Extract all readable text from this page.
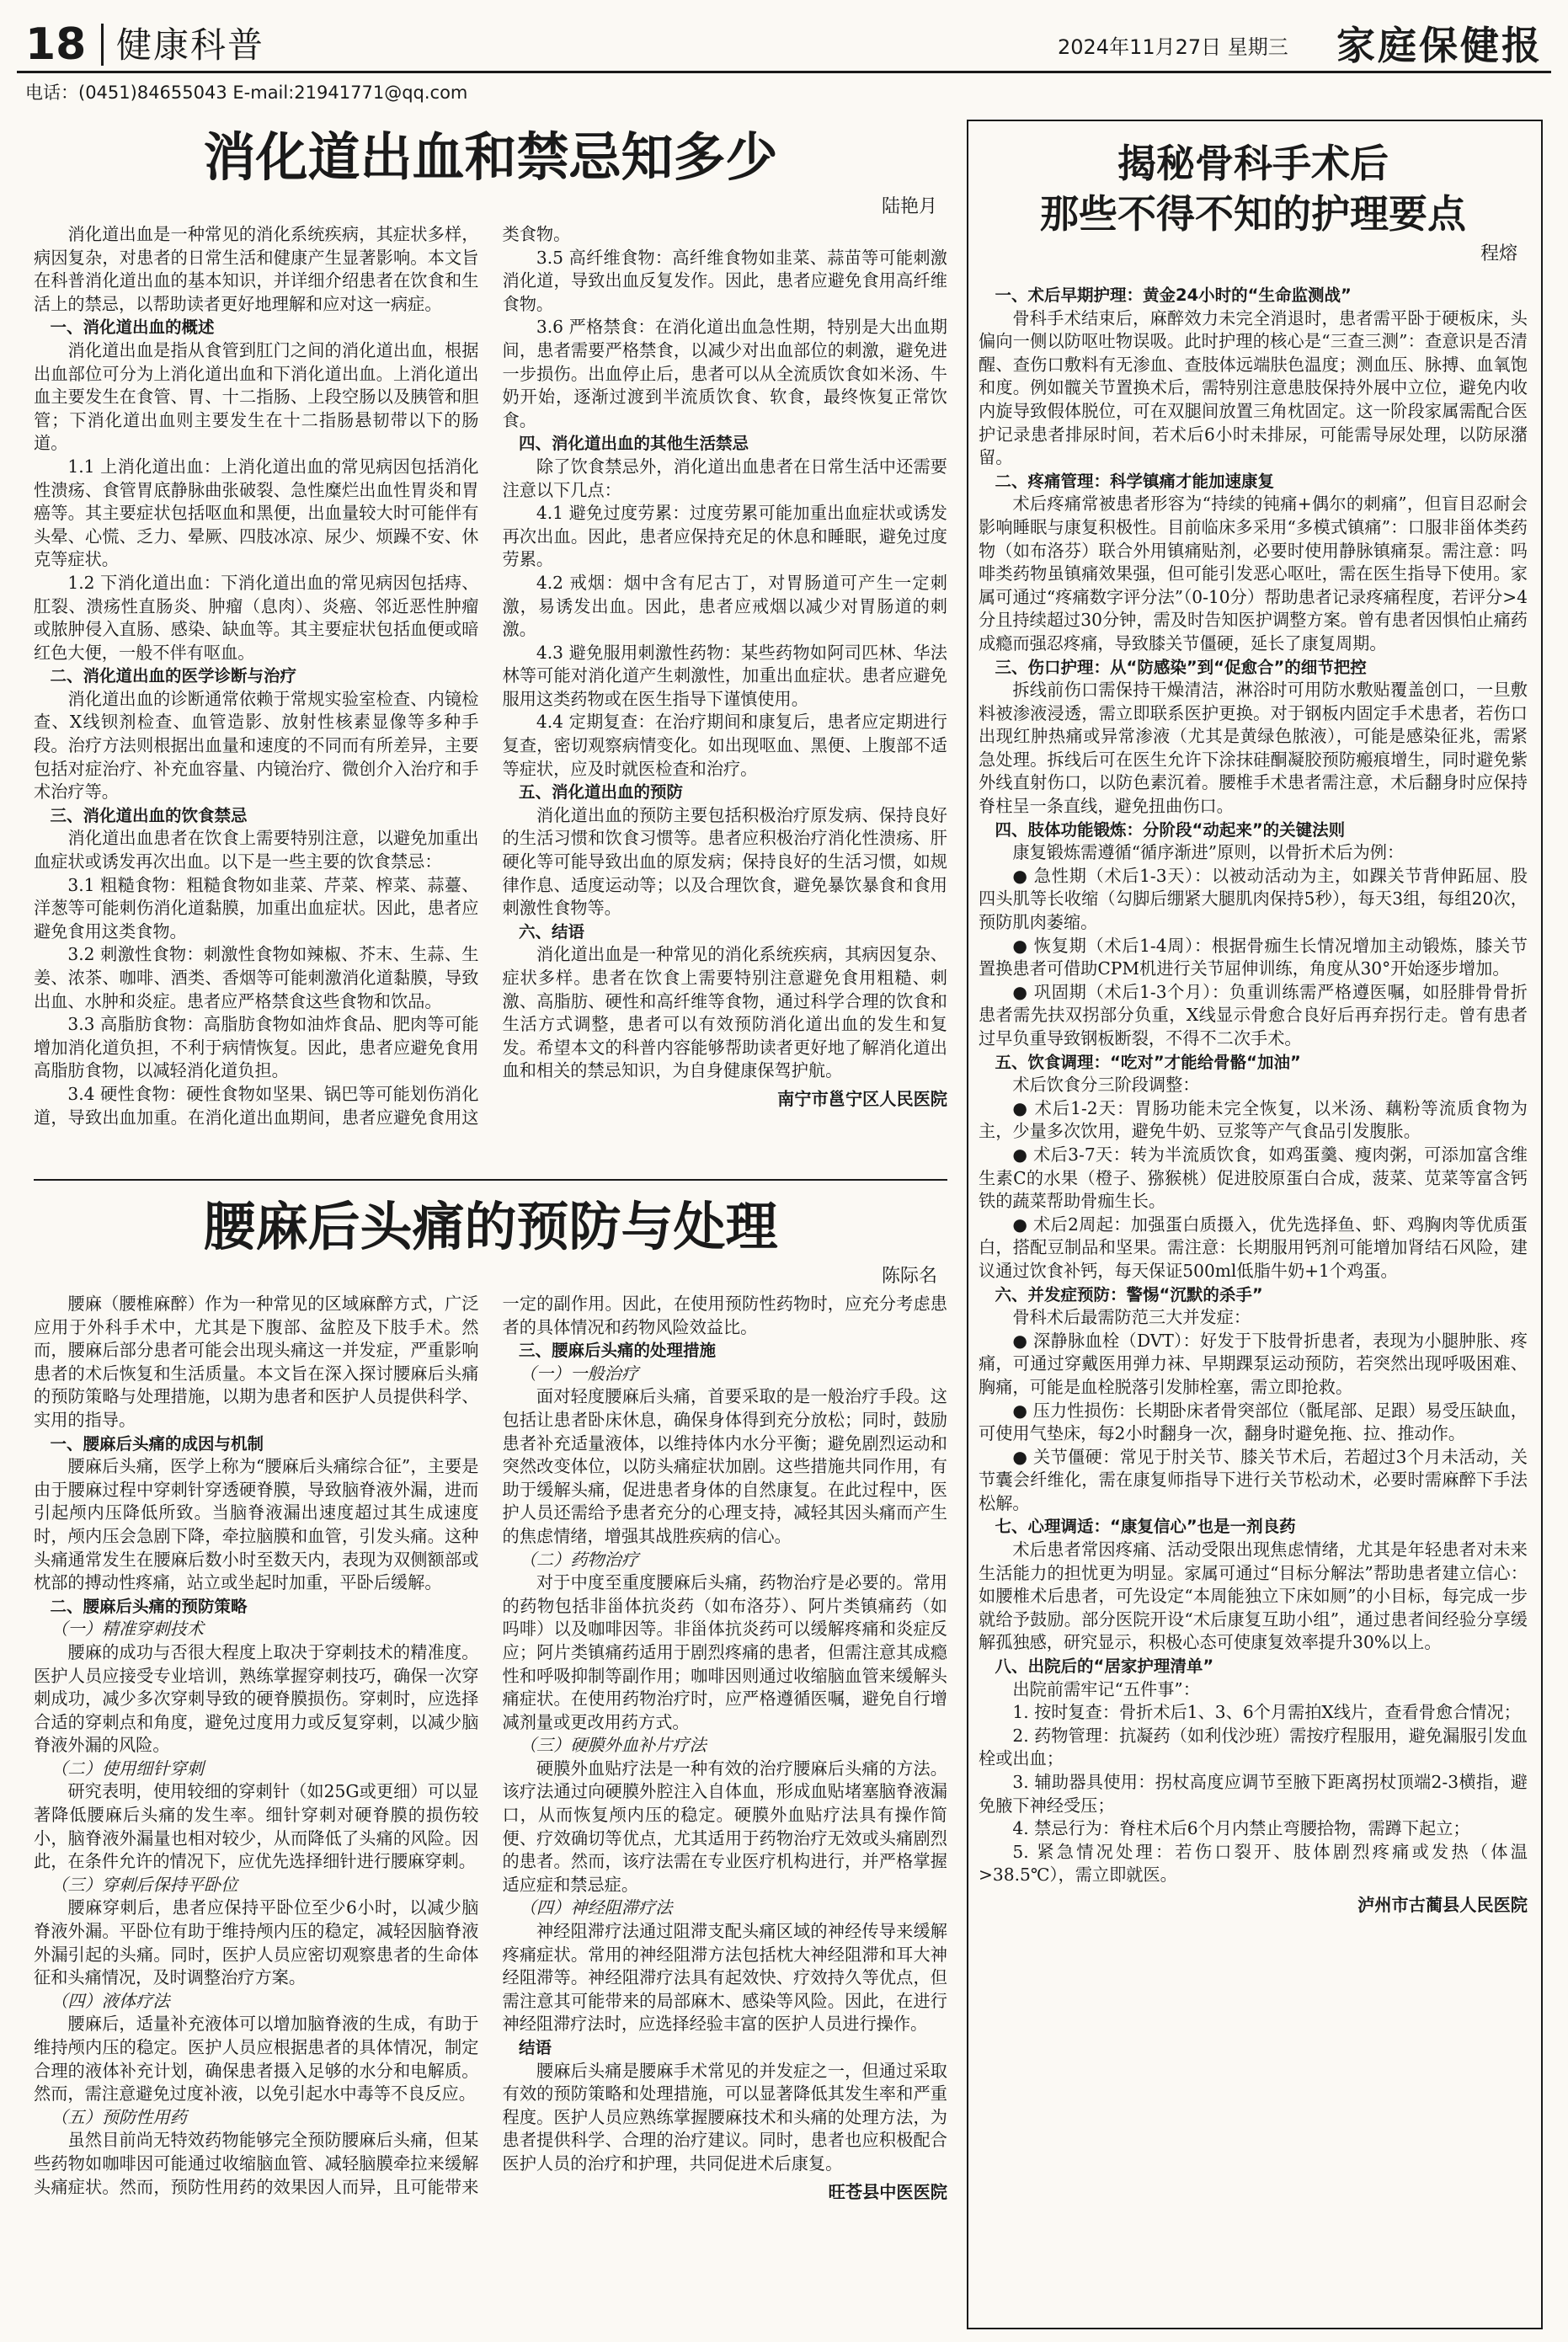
18 健康科普	2024年11月27日 星期三 家庭保健报
电话：(0451)84655043 E-mail:21941771@qq.com
消化道出血和禁忌知多少
陆艳月

消化道出血是一种常见的消化系统疾病，其症状多样，病因复杂，对患者的日常生活和健康产生显著影响。本文旨在科普消化道出血的基本知识，并详细介绍患者在饮食和生活上的禁忌，以帮助读者更好地理解和应对这一病症。

一、消化道出血的概述

消化道出血是指从食管到肛门之间的消化道出血，根据出血部位可分为上消化道出血和下消化道出血。上消化道出血主要发生在食管、胃、十二指肠、上段空肠以及胰管和胆管；下消化道出血则主要发生在十二指肠悬韧带以下的肠道。

1.1 上消化道出血：上消化道出血的常见病因包括消化性溃疡、食管胃底静脉曲张破裂、急性糜烂出血性胃炎和胃癌等。其主要症状包括呕血和黑便，出血量较大时可能伴有头晕、心慌、乏力、晕厥、四肢冰凉、尿少、烦躁不安、休克等症状。

1.2 下消化道出血：下消化道出血的常见病因包括痔、肛裂、溃疡性直肠炎、肿瘤（息肉）、炎癌、邻近恶性肿瘤或脓肿侵入直肠、感染、缺血等。其主要症状包括血便或暗红色大便，一般不伴有呕血。

二、消化道出血的医学诊断与治疗

消化道出血的诊断通常依赖于常规实验室检查、内镜检查、X线钡剂检查、血管造影、放射性核素显像等多种手段。治疗方法则根据出血量和速度的不同而有所差异，主要包括对症治疗、补充血容量、内镜治疗、微创介入治疗和手术治疗等。

三、消化道出血的饮食禁忌

消化道出血患者在饮食上需要特别注意，以避免加重出血症状或诱发再次出血。以下是一些主要的饮食禁忌：

3.1 粗糙食物：粗糙食物如韭菜、芹菜、榨菜、蒜薹、洋葱等可能刺伤消化道黏膜，加重出血症状。因此，患者应避免食用这类食物。

3.2 刺激性食物：刺激性食物如辣椒、芥末、生蒜、生姜、浓茶、咖啡、酒类、香烟等可能刺激消化道黏膜，导致出血、水肿和炎症。患者应严格禁食这些食物和饮品。

3.3 高脂肪食物：高脂肪食物如油炸食品、肥肉等可能增加消化道负担，不利于病情恢复。因此，患者应避免食用高脂肪食物，以减轻消化道负担。

3.4 硬性食物：硬性食物如坚果、锅巴等可能划伤消化道，导致出血加重。在消化道出血期间，患者应避免食用这类食物。

3.5 高纤维食物：高纤维食物如韭菜、蒜苗等可能刺激消化道，导致出血反复发作。因此，患者应避免食用高纤维食物。

3.6 严格禁食：在消化道出血急性期，特别是大出血期间，患者需要严格禁食，以减少对出血部位的刺激，避免进一步损伤。出血停止后，患者可以从全流质饮食如米汤、牛奶开始，逐渐过渡到半流质饮食、软食，最终恢复正常饮食。

四、消化道出血的其他生活禁忌

除了饮食禁忌外，消化道出血患者在日常生活中还需要注意以下几点：

4.1 避免过度劳累：过度劳累可能加重出血症状或诱发再次出血。因此，患者应保持充足的休息和睡眠，避免过度劳累。

4.2 戒烟：烟中含有尼古丁，对胃肠道可产生一定刺激，易诱发出血。因此，患者应戒烟以减少对胃肠道的刺激。

4.3 避免服用刺激性药物：某些药物如阿司匹林、华法林等可能对消化道产生刺激性，加重出血症状。患者应避免服用这类药物或在医生指导下谨慎使用。

4.4 定期复查：在治疗期间和康复后，患者应定期进行复查，密切观察病情变化。如出现呕血、黑便、上腹部不适等症状，应及时就医检查和治疗。

五、消化道出血的预防

消化道出血的预防主要包括积极治疗原发病、保持良好的生活习惯和饮食习惯等。患者应积极治疗消化性溃疡、肝硬化等可能导致出血的原发病；保持良好的生活习惯，如规律作息、适度运动等；以及合理饮食，避免暴饮暴食和食用刺激性食物等。

六、结语

消化道出血是一种常见的消化系统疾病，其病因复杂、症状多样。患者在饮食上需要特别注意避免食用粗糙、刺激、高脂肪、硬性和高纤维等食物，通过科学合理的饮食和生活方式调整，患者可以有效预防消化道出血的发生和复发。希望本文的科普内容能够帮助读者更好地了解消化道出血和相关的禁忌知识，为自身健康保驾护航。

南宁市邕宁区人民医院

腰麻后头痛的预防与处理
陈际名

腰麻（腰椎麻醉）作为一种常见的区域麻醉方式，广泛应用于外科手术中，尤其是下腹部、盆腔及下肢手术。然而，腰麻后部分患者可能会出现头痛这一并发症，严重影响患者的术后恢复和生活质量。本文旨在深入探讨腰麻后头痛的预防策略与处理措施，以期为患者和医护人员提供科学、实用的指导。

一、腰麻后头痛的成因与机制

腰麻后头痛，医学上称为“腰麻后头痛综合征”，主要是由于腰麻过程中穿刺针穿透硬脊膜，导致脑脊液外漏，进而引起颅内压降低所致。当脑脊液漏出速度超过其生成速度时，颅内压会急剧下降，牵拉脑膜和血管，引发头痛。这种头痛通常发生在腰麻后数小时至数天内，表现为双侧额部或枕部的搏动性疼痛，站立或坐起时加重，平卧后缓解。

二、腰麻后头痛的预防策略

（一）精准穿刺技术

腰麻的成功与否很大程度上取决于穿刺技术的精准度。医护人员应接受专业培训，熟练掌握穿刺技巧，确保一次穿刺成功，减少多次穿刺导致的硬脊膜损伤。穿刺时，应选择合适的穿刺点和角度，避免过度用力或反复穿刺，以减少脑脊液外漏的风险。

（二）使用细针穿刺

研究表明，使用较细的穿刺针（如25G或更细）可以显著降低腰麻后头痛的发生率。细针穿刺对硬脊膜的损伤较小，脑脊液外漏量也相对较少，从而降低了头痛的风险。因此，在条件允许的情况下，应优先选择细针进行腰麻穿刺。

（三）穿刺后保持平卧位

腰麻穿刺后，患者应保持平卧位至少6小时，以减少脑脊液外漏。平卧位有助于维持颅内压的稳定，减轻因脑脊液外漏引起的头痛。同时，医护人员应密切观察患者的生命体征和头痛情况，及时调整治疗方案。

（四）液体疗法

腰麻后，适量补充液体可以增加脑脊液的生成，有助于维持颅内压的稳定。医护人员应根据患者的具体情况，制定合理的液体补充计划，确保患者摄入足够的水分和电解质。然而，需注意避免过度补液，以免引起水中毒等不良反应。

（五）预防性用药

虽然目前尚无特效药物能够完全预防腰麻后头痛，但某些药物如咖啡因可能通过收缩脑血管、减轻脑膜牵拉来缓解头痛症状。然而，预防性用药的效果因人而异，且可能带来一定的副作用。因此，在使用预防性药物时，应充分考虑患者的具体情况和药物风险效益比。

三、腰麻后头痛的处理措施

（一）一般治疗

面对轻度腰麻后头痛，首要采取的是一般治疗手段。这包括让患者卧床休息，确保身体得到充分放松；同时，鼓励患者补充适量液体，以维持体内水分平衡；避免剧烈运动和突然改变体位，以防头痛症状加剧。这些措施共同作用，有助于缓解头痛，促进患者身体的自然康复。在此过程中，医护人员还需给予患者充分的心理支持，减轻其因头痛而产生的焦虑情绪，增强其战胜疾病的信心。

（二）药物治疗

对于中度至重度腰麻后头痛，药物治疗是必要的。常用的药物包括非甾体抗炎药（如布洛芬）、阿片类镇痛药（如吗啡）以及咖啡因等。非甾体抗炎药可以缓解疼痛和炎症反应；阿片类镇痛药适用于剧烈疼痛的患者，但需注意其成瘾性和呼吸抑制等副作用；咖啡因则通过收缩脑血管来缓解头痛症状。在使用药物治疗时，应严格遵循医嘱，避免自行增减剂量或更改用药方式。

（三）硬膜外血补片疗法

硬膜外血贴疗法是一种有效的治疗腰麻后头痛的方法。该疗法通过向硬膜外腔注入自体血，形成血贴堵塞脑脊液漏口，从而恢复颅内压的稳定。硬膜外血贴疗法具有操作简便、疗效确切等优点，尤其适用于药物治疗无效或头痛剧烈的患者。然而，该疗法需在专业医疗机构进行，并严格掌握适应症和禁忌症。

（四）神经阻滞疗法

神经阻滞疗法通过阻滞支配头痛区域的神经传导来缓解疼痛症状。常用的神经阻滞方法包括枕大神经阻滞和耳大神经阻滞等。神经阻滞疗法具有起效快、疗效持久等优点，但需注意其可能带来的局部麻木、感染等风险。因此，在进行神经阻滞疗法时，应选择经验丰富的医护人员进行操作。

结语

腰麻后头痛是腰麻手术常见的并发症之一，但通过采取有效的预防策略和处理措施，可以显著降低其发生率和严重程度。医护人员应熟练掌握腰麻技术和头痛的处理方法，为患者提供科学、合理的治疗建议。同时，患者也应积极配合医护人员的治疗和护理，共同促进术后康复。

旺苍县中医医院

揭秘骨科手术后
那些不得不知的护理要点
程熔

一、术后早期护理：黄金24小时的“生命监测战”

骨科手术结束后，麻醉效力未完全消退时，患者需平卧于硬板床，头偏向一侧以防呕吐物误吸。此时护理的核心是“三查三测”：查意识是否清醒、查伤口敷料有无渗血、查肢体远端肤色温度；测血压、脉搏、血氧饱和度。例如髋关节置换术后，需特别注意患肢保持外展中立位，避免内收内旋导致假体脱位，可在双腿间放置三角枕固定。这一阶段家属需配合医护记录患者排尿时间，若术后6小时未排尿，可能需导尿处理，以防尿潴留。

二、疼痛管理：科学镇痛才能加速康复

术后疼痛常被患者形容为“持续的钝痛+偶尔的刺痛”，但盲目忍耐会影响睡眠与康复积极性。目前临床多采用“多模式镇痛”：口服非甾体类药物（如布洛芬）联合外用镇痛贴剂，必要时使用静脉镇痛泵。需注意：吗啡类药物虽镇痛效果强，但可能引发恶心呕吐，需在医生指导下使用。家属可通过“疼痛数字评分法”（0-10分）帮助患者记录疼痛程度，若评分>4分且持续超过30分钟，需及时告知医护调整方案。曾有患者因惧怕止痛药成瘾而强忍疼痛，导致膝关节僵硬，延长了康复周期。

三、伤口护理：从“防感染”到“促愈合”的细节把控

拆线前伤口需保持干燥清洁，淋浴时可用防水敷贴覆盖创口，一旦敷料被渗液浸透，需立即联系医护更换。对于钢板内固定手术患者，若伤口出现红肿热痛或异常渗液（尤其是黄绿色脓液），可能是感染征兆，需紧急处理。拆线后可在医生允许下涂抹硅酮凝胶预防瘢痕增生，同时避免紫外线直射伤口，以防色素沉着。腰椎手术患者需注意，术后翻身时应保持脊柱呈一条直线，避免扭曲伤口。

四、肢体功能锻炼：分阶段“动起来”的关键法则

康复锻炼需遵循“循序渐进”原则，以骨折术后为例：

● 急性期（术后1-3天）：以被动活动为主，如踝关节背伸跖屈、股四头肌等长收缩（勾脚后绷紧大腿肌肉保持5秒），每天3组，每组20次，预防肌肉萎缩。

● 恢复期（术后1-4周）：根据骨痂生长情况增加主动锻炼，膝关节置换患者可借助CPM机进行关节屈伸训练，角度从30°开始逐步增加。

● 巩固期（术后1-3个月）：负重训练需严格遵医嘱，如胫腓骨骨折患者需先扶双拐部分负重，X线显示骨愈合良好后再弃拐行走。曾有患者过早负重导致钢板断裂，不得不二次手术。

五、饮食调理：“吃对”才能给骨骼“加油”

术后饮食分三阶段调整：

● 术后1-2天：胃肠功能未完全恢复，以米汤、藕粉等流质食物为主，少量多次饮用，避免牛奶、豆浆等产气食品引发腹胀。

● 术后3-7天：转为半流质饮食，如鸡蛋羹、瘦肉粥，可添加富含维生素C的水果（橙子、猕猴桃）促进胶原蛋白合成，菠菜、苋菜等富含钙铁的蔬菜帮助骨痂生长。

● 术后2周起：加强蛋白质摄入，优先选择鱼、虾、鸡胸肉等优质蛋白，搭配豆制品和坚果。需注意：长期服用钙剂可能增加肾结石风险，建议通过饮食补钙，每天保证500ml低脂牛奶+1个鸡蛋。

六、并发症预防：警惕“沉默的杀手”

骨科术后最需防范三大并发症：

● 深静脉血栓（DVT）：好发于下肢骨折患者，表现为小腿肿胀、疼痛，可通过穿戴医用弹力袜、早期踝泵运动预防，若突然出现呼吸困难、胸痛，可能是血栓脱落引发肺栓塞，需立即抢救。

● 压力性损伤：长期卧床者骨突部位（骶尾部、足跟）易受压缺血，可使用气垫床，每2小时翻身一次，翻身时避免拖、拉、推动作。

● 关节僵硬：常见于肘关节、膝关节术后，若超过3个月未活动，关节囊会纤维化，需在康复师指导下进行关节松动术，必要时需麻醉下手法松解。

七、心理调适：“康复信心”也是一剂良药

术后患者常因疼痛、活动受限出现焦虑情绪，尤其是年轻患者对未来生活能力的担忧更为明显。家属可通过“目标分解法”帮助患者建立信心：如腰椎术后患者，可先设定“本周能独立下床如厕”的小目标，每完成一步就给予鼓励。部分医院开设“术后康复互助小组”，通过患者间经验分享缓解孤独感，研究显示，积极心态可使康复效率提升30%以上。

八、出院后的“居家护理清单”

出院前需牢记“五件事”：

1. 按时复查：骨折术后1、3、6个月需拍X线片，查看骨愈合情况；

2. 药物管理：抗凝药（如利伐沙班）需按疗程服用，避免漏服引发血栓或出血；

3. 辅助器具使用：拐杖高度应调节至腋下距离拐杖顶端2-3横指，避免腋下神经受压；

4. 禁忌行为：脊柱术后6个月内禁止弯腰拾物，需蹲下起立；

5. 紧急情况处理：若伤口裂开、肢体剧烈疼痛或发热（体温>38.5℃），需立即就医。

泸州市古蔺县人民医院
